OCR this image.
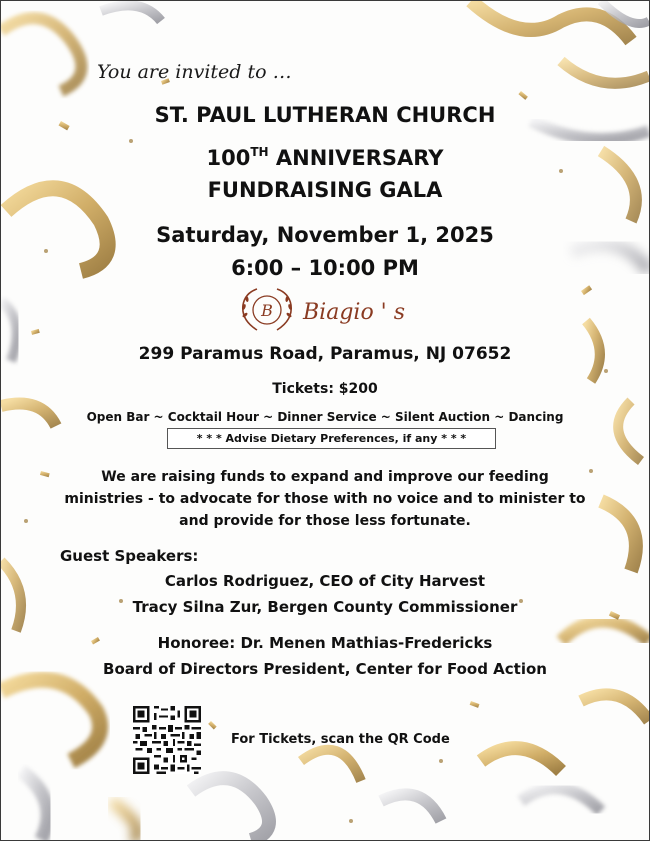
You are invited to …
ST. PAUL LUTHERAN CHURCH
100TH ANNIVERSARY
FUNDRAISING GALA
Saturday, November 1, 2025
6:00 – 10:00 PM
B Biagio ' s
299 Paramus Road, Paramus, NJ 07652
Tickets: $200
Open Bar ~ Cocktail Hour ~ Dinner Service ~ Silent Auction ~ Dancing
* * * Advise Dietary Preferences, if any * * *
We are raising funds to expand and improve our feeding
ministries - to advocate for those with no voice and to minister to
and provide for those less fortunate.
Guest Speakers:
Carlos Rodriguez, CEO of City Harvest
Tracy Silna Zur, Bergen County Commissioner
Honoree: Dr. Menen Mathias-Fredericks
Board of Directors President, Center for Food Action
For Tickets, scan the QR Code
